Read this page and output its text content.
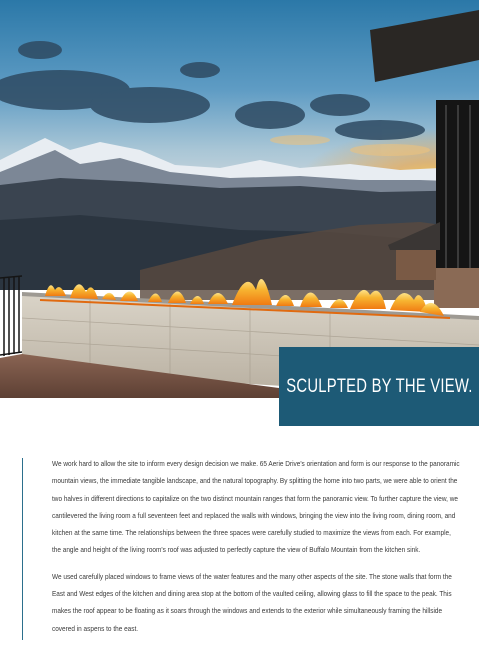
SCULPTED BY THE VIEW.

We work hard to allow the site to inform every design decision we make. 65 Aerie Drive's orientation and form is our response to the panoramic mountain views, the immediate tangible landscape, and the natural topography. By splitting the home into two parts, we were able to orient the two halves in different directions to capitalize on the two distinct mountain ranges that form the panoramic view. To further capture the view, we cantilevered the living room a full seventeen feet and replaced the walls with windows, bringing the view into the living room, dining room, and kitchen at the same time. The relationships between the three spaces were carefully studied to maximize the views from each. For example, the angle and height of the living room's roof was adjusted to perfectly capture the view of Buffalo Mountain from the kitchen sink.

We used carefully placed windows to frame views of the water features and the many other aspects of the site. The stone walls that form the East and West edges of the kitchen and dining area stop at the bottom of the vaulted ceiling, allowing glass to fill the space to the peak. This makes the roof appear to be floating as it soars through the windows and extends to the exterior while simultaneously framing the hillside covered in aspens to the east.
